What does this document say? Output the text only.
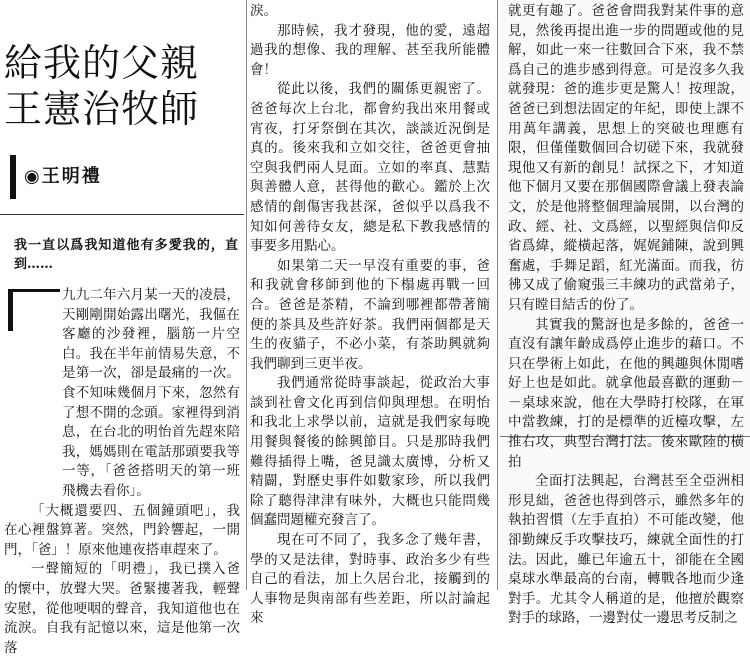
給我的父親
王憲治牧師
◉王明禮
我一直以爲我知道他有多愛我的，直到……

九九二年六月某一天的凌晨，天剛剛開始露出曙光，我傴在客廳的沙發裡，腦筋一片空白。我在半年前情易失意，不是第一次，卻是最痛的一次。食不知味幾個月下來，忽然有了想不開的念頭。家裡得到消息，在台北的明怡首先趕來陪我，媽媽則在電話那頭要我等一等，「爸爸搭明天的第一班飛機去看你」。

「大概還要四、五個鐘頭吧」，我在心裡盤算著。突然，門鈴響起，一開門，「爸」！原來他連夜搭車趕來了。

一聲簡短的「明禮」，我已撲入爸的懷中，放聲大哭。爸緊摟著我，輕聲安慰，從他哽咽的聲音，我知道他也在流淚。自我有記憶以來，這是他第一次落

淚。

那時候，我才發現，他的愛，遠超過我的想像、我的理解、甚至我所能體會！

從此以後，我們的關係更親密了。爸爸每次上台北，都會約我出來用餐或宵夜，打牙祭倒在其次，談談近況倒是真的。後來我和立如交往，爸爸更會抽空與我們兩人見面。立如的率真、慧黠與善體人意，甚得他的歡心。鑑於上次感情的創傷害我甚深，爸似乎以爲我不知如何善待女友，總是私下教我感情的事要多用點心。

如果第二天一早沒有重要的事，爸和我就會移師到他的下榻處再戰一回合。爸爸是茶精，不論到哪裡都帶著簡便的茶具及些許好茶。我們兩個都是天生的夜貓子，不必小菜，有茶助興就夠我們聊到三更半夜。

我們通常從時事談起，從政治大事談到社會文化再到信仰與理想。在明怡和我北上求學以前，這就是我們家每晚用餐與餐後的餘興節目。只是那時我們難得插得上嘴，爸見識太廣博，分析又精闢，對歷史事件如數家珍，所以我們除了聽得津津有味外，大概也只能問幾個蠢問題權充發言了。

現在可不同了，我多念了幾年書，學的又是法律，對時事、政治多少有些自己的看法，加上久居台北，接觸到的人事物是與南部有些差距，所以討論起來

就更有趣了。爸爸會問我對某件事的意見，然後再提出進一步的問題或他的見解，如此一來一往數回合下來，我不禁爲自己的進步感到得意。可是沒多久我就發現：爸的進步更是驚人！按理說，爸爸已到想法固定的年紀，即使上課不用萬年講義，思想上的突破也理應有限，但僅僅數個回合切磋下來，我就發現他又有新的創見！試探之下，才知道他下個月又要在那個國際會議上發表論文，於是他將整個理論展開，以台灣的政、經、社、文爲經，以聖經與信仰反省爲緯，縱橫起落，娓娓鋪陳，說到興奮處，手舞足蹈，紅光滿面。而我，彷彿又成了偷窺張三丰練功的武當弟子，只有瞠目結舌的份了。

其實我的驚訝也是多餘的，爸爸一直沒有讓年齡成爲停止進步的藉口。不只在學術上如此，在他的興趣與休閒嗜好上也是如此。就拿他最喜歡的運動－－桌球來說，他在大學時打校隊，在軍中當教練，打的是標準的近檯攻擊，左推右攻，典型台灣打法。後來歐陸的橫拍

全面打法興起，台灣甚至全亞洲相形見絀，爸爸也得到啓示，雖然多年的執拍習慣（左手直拍）不可能改變，他卻勤練反手攻擊技巧，練就全面性的打法。因此，雖已年逾五十，卻能在全國桌球水準最高的台南，轉戰各地而少逢對手。尤其令人稱道的是，他擅於觀察對手的球路，一邊對仗一邊思考反制之
